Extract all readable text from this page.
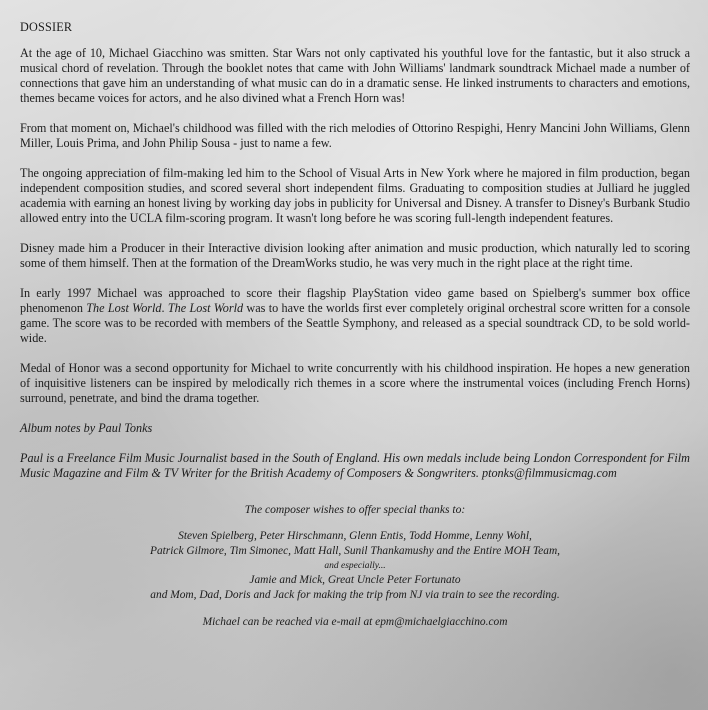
DOSSIER

At the age of 10, Michael Giacchino was smitten. Star Wars not only captivated his youthful love for the fantastic, but it also struck a musical chord of revelation. Through the booklet notes that came with John Williams' landmark soundtrack Michael made a number of connections that gave him an understanding of what music can do in a dramatic sense. He linked instruments to characters and emotions, themes became voices for actors, and he also divined what a French Horn was!

From that moment on, Michael's childhood was filled with the rich melodies of Ottorino Respighi, Henry Mancini John Williams, Glenn Miller, Louis Prima, and John Philip Sousa - just to name a few.

The ongoing appreciation of film-making led him to the School of Visual Arts in New York where he majored in film production, began independent composition studies, and scored several short independent films. Graduating to composition studies at Julliard he juggled academia with earning an honest living by working day jobs in publicity for Universal and Disney. A transfer to Disney's Burbank Studio allowed entry into the UCLA film-scoring program. It wasn't long before he was scoring full-length independent features.

Disney made him a Producer in their Interactive division looking after animation and music production, which naturally led to scoring some of them himself. Then at the formation of the DreamWorks studio, he was very much in the right place at the right time.

In early 1997 Michael was approached to score their flagship PlayStation video game based on Spielberg's summer box office phenomenon The Lost World. The Lost World was to have the worlds first ever completely original orchestral score written for a console game. The score was to be recorded with members of the Seattle Symphony, and released as a special soundtrack CD, to be sold world-wide.

Medal of Honor was a second opportunity for Michael to write concurrently with his childhood inspiration. He hopes a new generation of inquisitive listeners can be inspired by melodically rich themes in a score where the instrumental voices (including French Horns) surround, penetrate, and bind the drama together.

Album notes by Paul Tonks

Paul is a Freelance Film Music Journalist based in the South of England. His own medals include being London Correspondent for Film Music Magazine and Film & TV Writer for the British Academy of Composers & Songwriters. ptonks@filmmusicmag.com

The composer wishes to offer special thanks to:
Steven Spielberg, Peter Hirschmann, Glenn Entis, Todd Homme, Lenny Wohl,
Patrick Gilmore, Tim Simonec, Matt Hall, Sunil Thankamushy and the Entire MOH Team,
and especially...
Jamie and Mick, Great Uncle Peter Fortunato
and Mom, Dad, Doris and Jack for making the trip from NJ via train to see the recording.
Michael can be reached via e-mail at epm@michaelgiacchino.com
